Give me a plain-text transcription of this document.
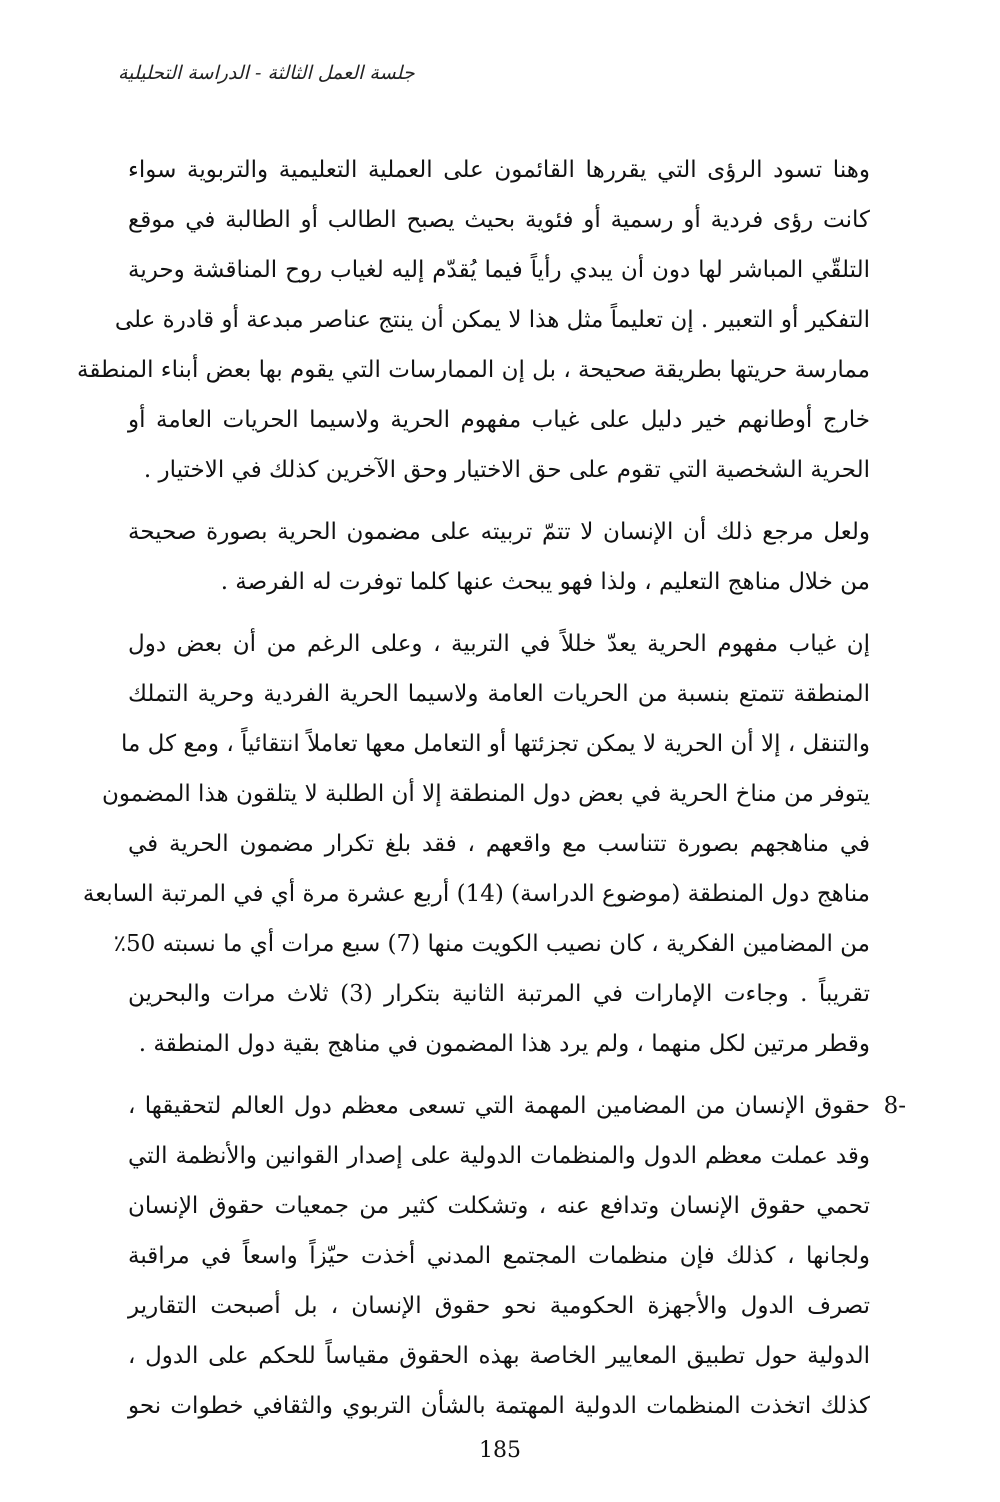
جلسة العمل الثالثة - الدراسة التحليلية
وهنا تسود الرؤى التي يقررها القائمون على العملية التعليمية والتربوية سواء
كانت رؤى فردية أو رسمية أو فئوية بحيث يصبح الطالب أو الطالبة في موقع
التلقّي المباشر لها دون أن يبدي رأياً فيما يُقدّم إليه لغياب روح المناقشة وحرية
التفكير أو التعبير . إن تعليماً مثل هذا لا يمكن أن ينتج عناصر مبدعة أو قادرة على
ممارسة حريتها بطريقة صحيحة ، بل إن الممارسات التي يقوم بها بعض أبناء المنطقة
خارج أوطانهم خير دليل على غياب مفهوم الحرية ولاسيما الحريات العامة أو
الحرية الشخصية التي تقوم على حق الاختيار وحق الآخرين كذلك في الاختيار .
ولعل مرجع ذلك أن الإنسان لا تتمّ تربيته على مضمون الحرية بصورة صحيحة
من خلال مناهج التعليم ، ولذا فهو يبحث عنها كلما توفرت له الفرصة .
إن غياب مفهوم الحرية يعدّ خللاً في التربية ، وعلى الرغم من أن بعض دول
المنطقة تتمتع بنسبة من الحريات العامة ولاسيما الحرية الفردية وحرية التملك
والتنقل ، إلا أن الحرية لا يمكن تجزئتها أو التعامل معها تعاملاً انتقائياً ، ومع كل ما
يتوفر من مناخ الحرية في بعض دول المنطقة إلا أن الطلبة لا يتلقون هذا المضمون
في مناهجهم بصورة تتناسب مع واقعهم ، فقد بلغ تكرار مضمون الحرية في
مناهج دول المنطقة (موضوع الدراسة) (14) أربع عشرة مرة أي في المرتبة السابعة
من المضامين الفكرية ، كان نصيب الكويت منها (7) سبع مرات أي ما نسبته 50٪
تقريباً . وجاءت الإمارات في المرتبة الثانية بتكرار (3) ثلاث مرات والبحرين
وقطر مرتين لكل منهما ، ولم يرد هذا المضمون في مناهج بقية دول المنطقة .
-8
حقوق الإنسان من المضامين المهمة التي تسعى معظم دول العالم لتحقيقها ،
وقد عملت معظم الدول والمنظمات الدولية على إصدار القوانين والأنظمة التي
تحمي حقوق الإنسان وتدافع عنه ، وتشكلت كثير من جمعيات حقوق الإنسان
ولجانها ، كذلك فإن منظمات المجتمع المدني أخذت حيّزاً واسعاً في مراقبة
تصرف الدول والأجهزة الحكومية نحو حقوق الإنسان ، بل أصبحت التقارير
الدولية حول تطبيق المعايير الخاصة بهذه الحقوق مقياساً للحكم على الدول ،
كذلك اتخذت المنظمات الدولية المهتمة بالشأن التربوي والثقافي خطوات نحو
185
